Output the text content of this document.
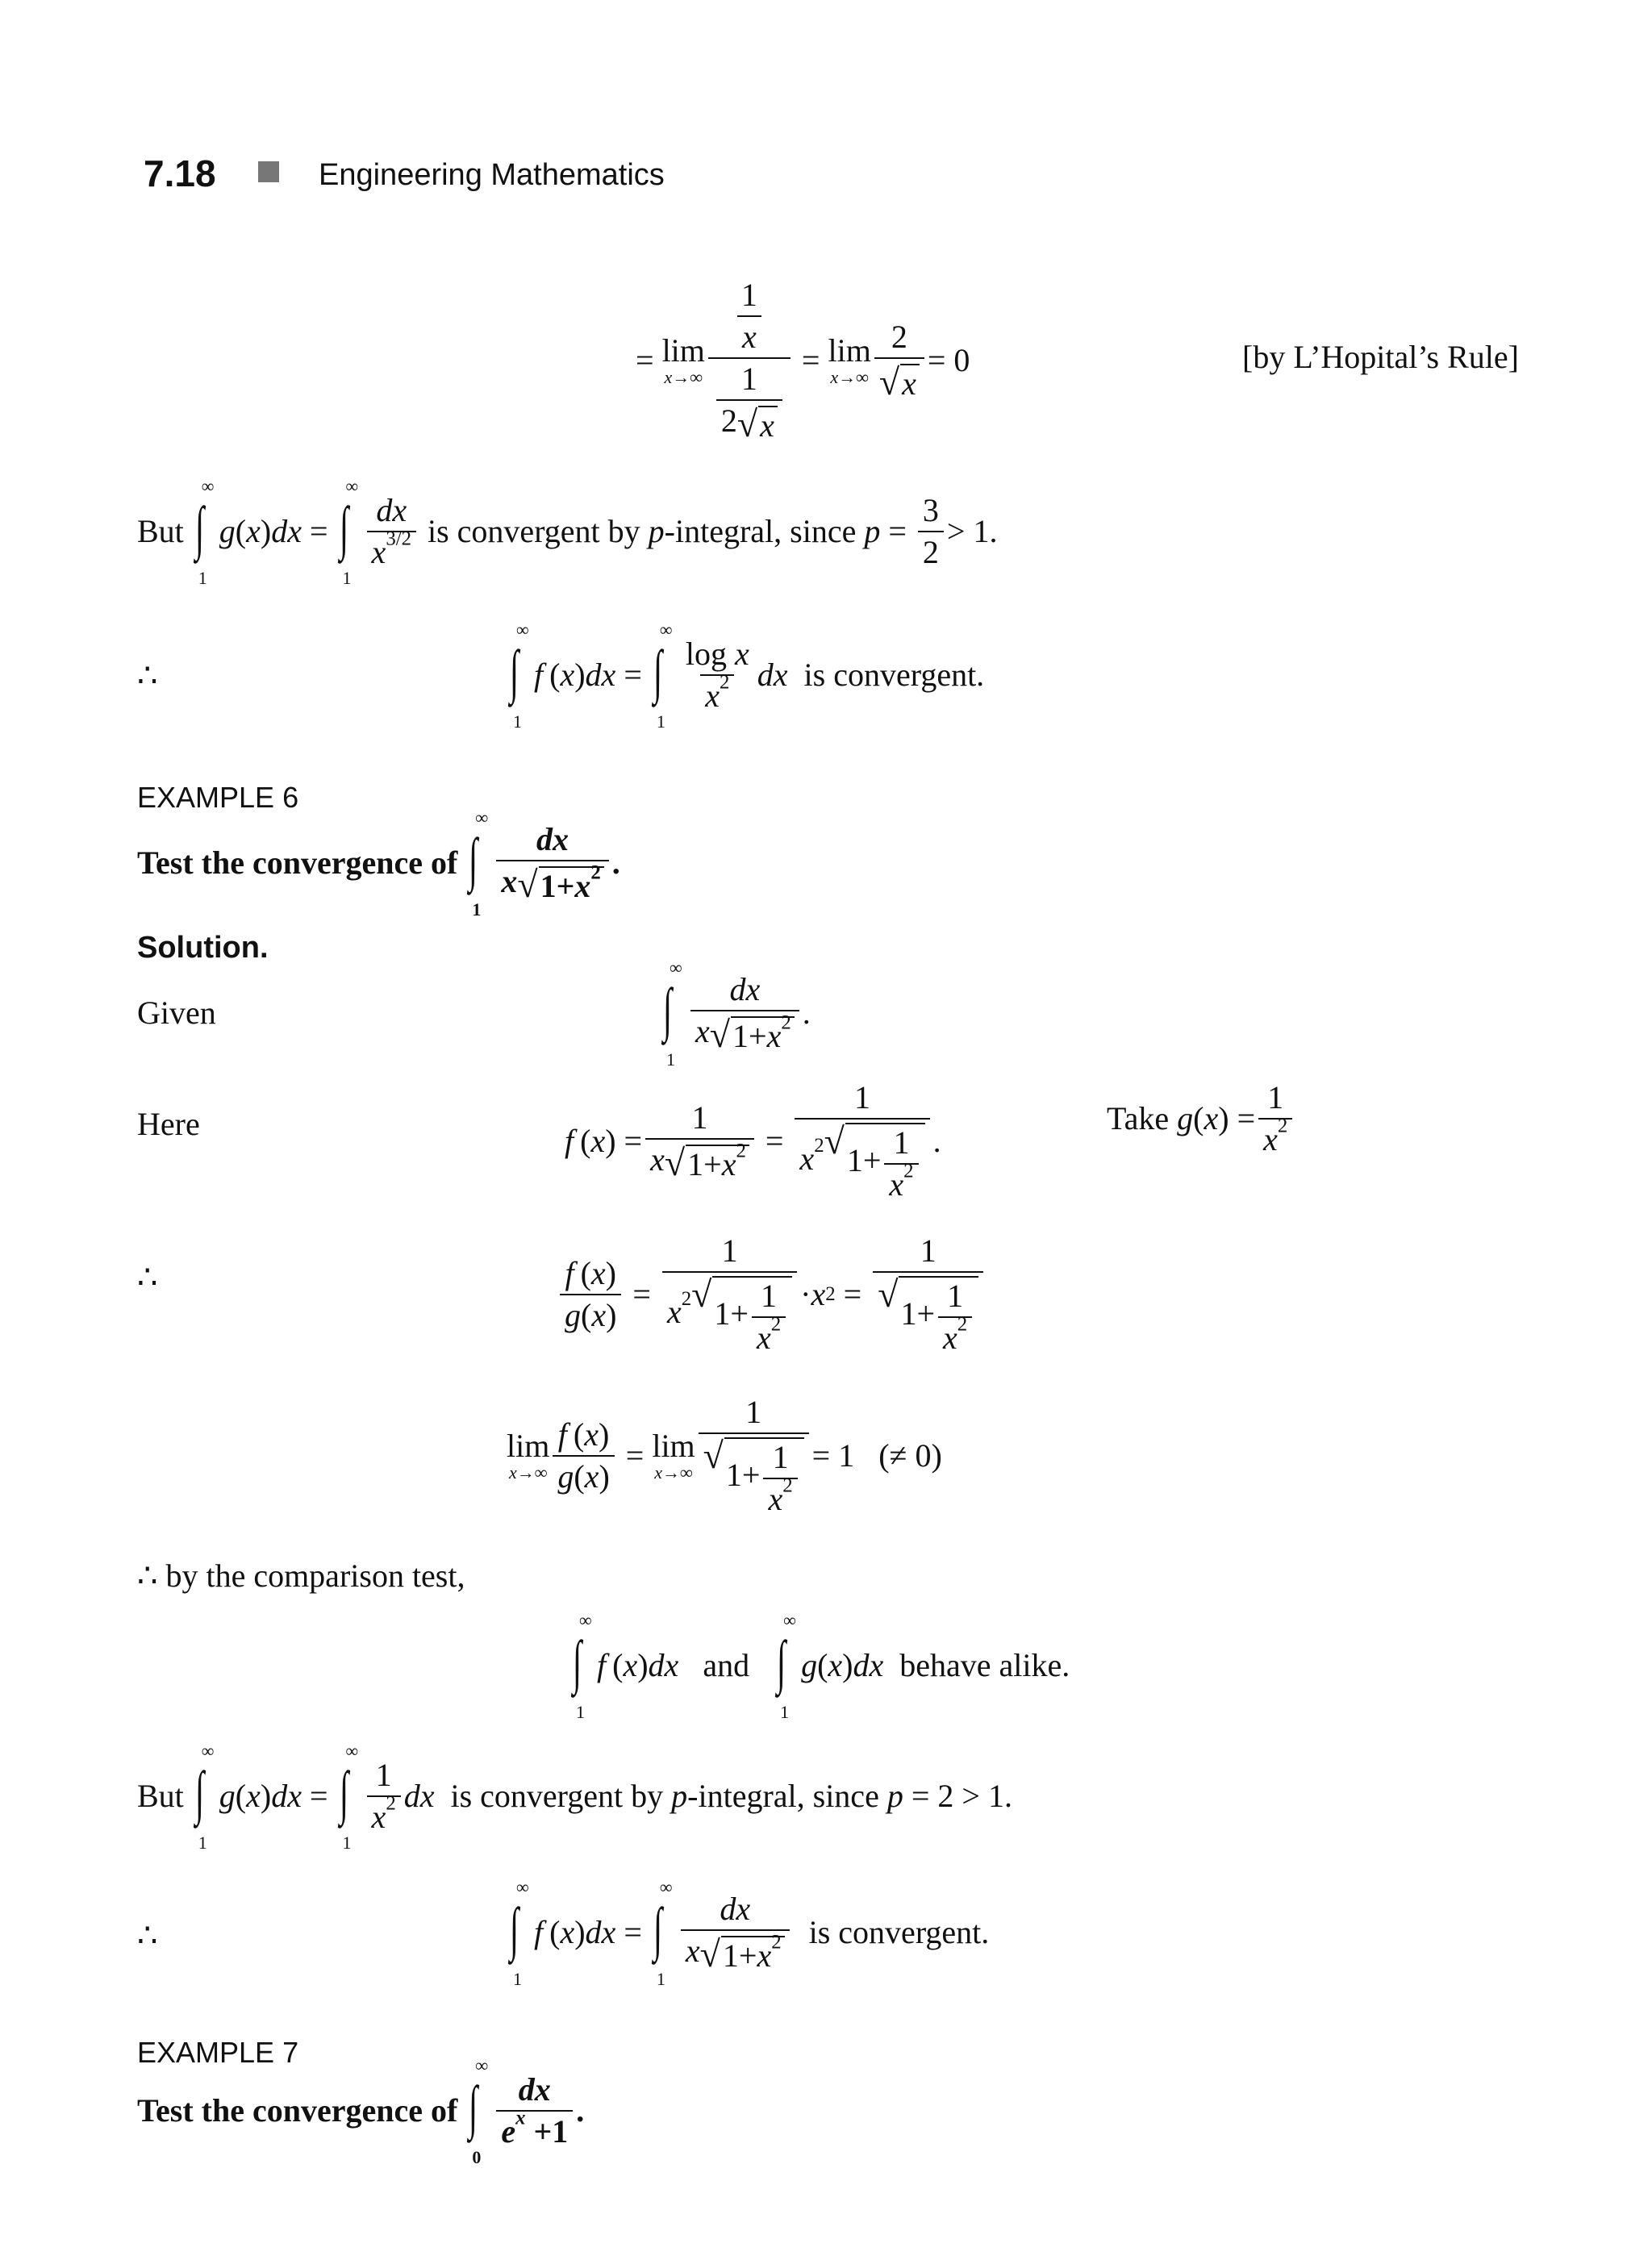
7.18	Engineering Mathematics
= lim
$x\to\infty \frac{\frac{1}{x}}{\frac{1}{2 √ x}} = \lim$
$x\to\infty \frac{2}{√ x} = 0$	[by L’Hopital’s Rule]
But
∫
∞
1
g ( x ) dx = ∫
∞
1
$\frac{dx}{x^{3/2}}$
is convergent by
p -integral, since
$p = \frac{3}{2} > 1$.
∴	∫
∞
1
f  ( x ) dx = ∫
∞
1
$\frac{\text{log x}}{x^2}$ dx
is convergent.
EXAMPLE 6
Test the convergence of
∫
∞
1
$\frac{dx}{x √ 1+x^2}$ .
Solution.
Given	∫
∞
1
$\frac{dx}{x √ 1+x^2}$ .
Here	f  ( x ) = $\frac{1}{x √ 1+x^2} = \frac{1}{x^2 √ 1+ \frac{1}{x^2}}$ .
Take
g ( x ) = $\frac{1}{x^2}$
∴	$\frac{f (x)}{g(x)} = \frac{1}{x^2 √ 1+ \frac{1}{x^2}} \cdot x$ $2 = \frac{1}{√ 1+ \frac{1}{x^2}}$
lim
$x\to\infty \frac{f (x)}{g(x)} = \lim$
$x\to\infty \frac{1}{√ 1+ \frac{1}{x^2}} = 1$
(≠ 0)
∴ by the comparison test,
∫
∞
1
f  ( x ) dx
and
∫
∞
1
g ( x ) dx
behave alike.
But
∫
∞
1
g ( x ) dx = ∫
∞
1
$\frac{1}{x^2}$ dx
is convergent by
p -integral, since
p
= 2 > 1.
∴	∫
∞
1
f  ( x ) dx = ∫
∞
1
$\frac{dx}{x √ 1+x^2}$
is convergent.
EXAMPLE 7
Test the convergence of
∫
∞
0
$\frac{dx}{e^x +1}$ .
